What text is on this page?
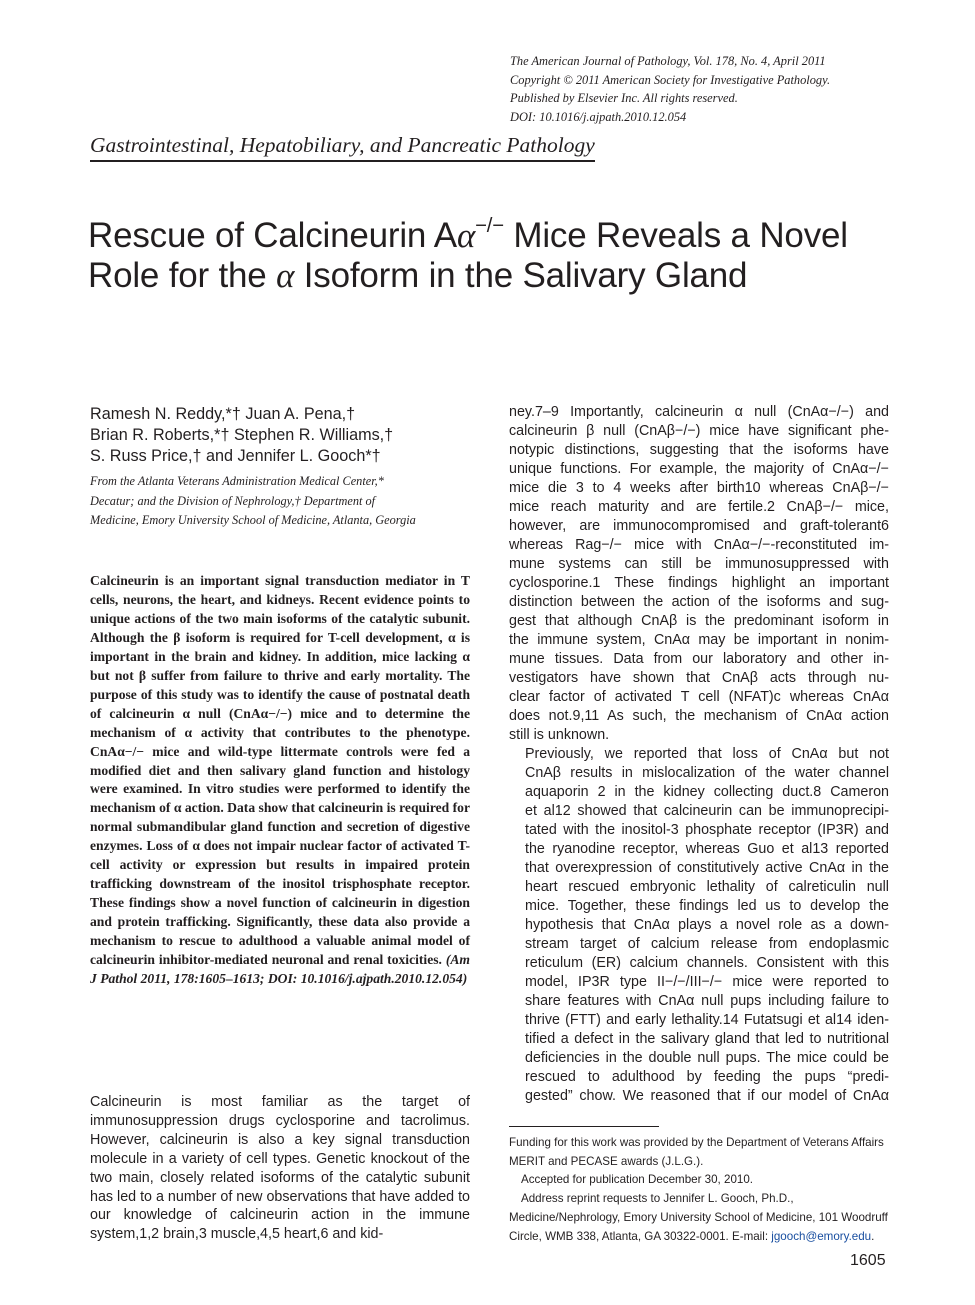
The American Journal of Pathology, Vol. 178, No. 4, April 2011
Copyright © 2011 American Society for Investigative Pathology.
Published by Elsevier Inc. All rights reserved.
DOI: 10.1016/j.ajpath.2010.12.054
Gastrointestinal, Hepatobiliary, and Pancreatic Pathology
Rescue of Calcineurin Aα−/− Mice Reveals a Novel
Role for the α Isoform in the Salivary Gland
Ramesh N. Reddy,*† Juan A. Pena,†
Brian R. Roberts,*† Stephen R. Williams,†
S. Russ Price,† and Jennifer L. Gooch*†
From the Atlanta Veterans Administration Medical Center,*
Decatur; and the Division of Nephrology,† Department of
Medicine, Emory University School of Medicine, Atlanta, Georgia
Calcineurin is an important signal transduction mediator in T cells, neurons, the heart, and kidneys. Recent evidence points to unique actions of the two main isoforms of the catalytic subunit. Although the β isoform is required for T-cell development, α is important in the brain and kidney. In addition, mice lacking α but not β suffer from failure to thrive and early mortality. The purpose of this study was to identify the cause of postnatal death of calcineurin α null (CnAα−/−) mice and to determine the mechanism of α activity that contributes to the phenotype. CnAα−/− mice and wild-type littermate controls were fed a modified diet and then salivary gland function and histology were examined. In vitro studies were performed to identify the mechanism of α action. Data show that calcineurin is required for normal submandibular gland function and secretion of digestive enzymes. Loss of α does not impair nuclear factor of activated T-cell activity or expression but results in impaired protein trafficking downstream of the inositol trisphosphate receptor. These findings show a novel function of calcineurin in digestion and protein trafficking. Significantly, these data also provide a mechanism to rescue to adulthood a valuable animal model of calcineurin inhibitor-mediated neuronal and renal toxicities. (Am J Pathol 2011, 178:1605–1613; DOI: 10.1016/j.ajpath.2010.12.054)
Calcineurin is most familiar as the target of immunosuppression drugs cyclosporine and tacrolimus. However, calcineurin is also a key signal transduction molecule in a variety of cell types. Genetic knockout of the two main, closely related isoforms of the catalytic subunit has led to a number of new observations that have added to our knowledge of calcineurin action in the immune system,1,2 brain,3 muscle,4,5 heart,6 and kid-

ney.7–9 Importantly, calcineurin α null (CnAα−/−) and
calcineurin β null (CnAβ−/−) mice have significant phe-
notypic distinctions, suggesting that the isoforms have
unique functions. For example, the majority of CnAα−/−
mice die 3 to 4 weeks after birth10 whereas CnAβ−/−
mice reach maturity and are fertile.2 CnAβ−/− mice,
however, are immunocompromised and graft-tolerant6
whereas Rag−/− mice with CnAα−/−-reconstituted im-
mune systems can still be immunosuppressed with
cyclosporine.1 These findings highlight an important
distinction between the action of the isoforms and sug-
gest that although CnAβ is the predominant isoform in
the immune system, CnAα may be important in nonim-
mune tissues. Data from our laboratory and other in-
vestigators have shown that CnAβ acts through nu-
clear factor of activated T cell (NFAT)c whereas CnAα
does not.9,11 As such, the mechanism of CnAα action
still is unknown.

Previously, we reported that loss of CnAα but not
CnAβ results in mislocalization of the water channel
aquaporin 2 in the kidney collecting duct.8 Cameron
et al12 showed that calcineurin can be immunoprecipi-
tated with the inositol-3 phosphate receptor (IP3R) and
the ryanodine receptor, whereas Guo et al13 reported
that overexpression of constitutively active CnAα in the
heart rescued embryonic lethality of calreticulin null
mice. Together, these findings led us to develop the
hypothesis that CnAα plays a novel role as a down-
stream target of calcium release from endoplasmic
reticulum (ER) calcium channels. Consistent with this
model, IP3R type II−/−/III−/− mice were reported to
share features with CnAα null pups including failure to
thrive (FTT) and early lethality.14 Futatsugi et al14 iden-
tified a defect in the salivary gland that led to nutritional
deficiencies in the double null pups. The mice could be
rescued to adulthood by feeding the pups “predi-
gested” chow. We reasoned that if our model of CnAα

Funding for this work was provided by the Department of Veterans Affairs MERIT and PECASE awards (J.L.G.).

Accepted for publication December 30, 2010.

Address reprint requests to Jennifer L. Gooch, Ph.D., Medicine/Nephrology, Emory University School of Medicine, 101 Woodruff Circle, WMB 338, Atlanta, GA 30322-0001. E-mail: jgooch@emory.edu.

1605
